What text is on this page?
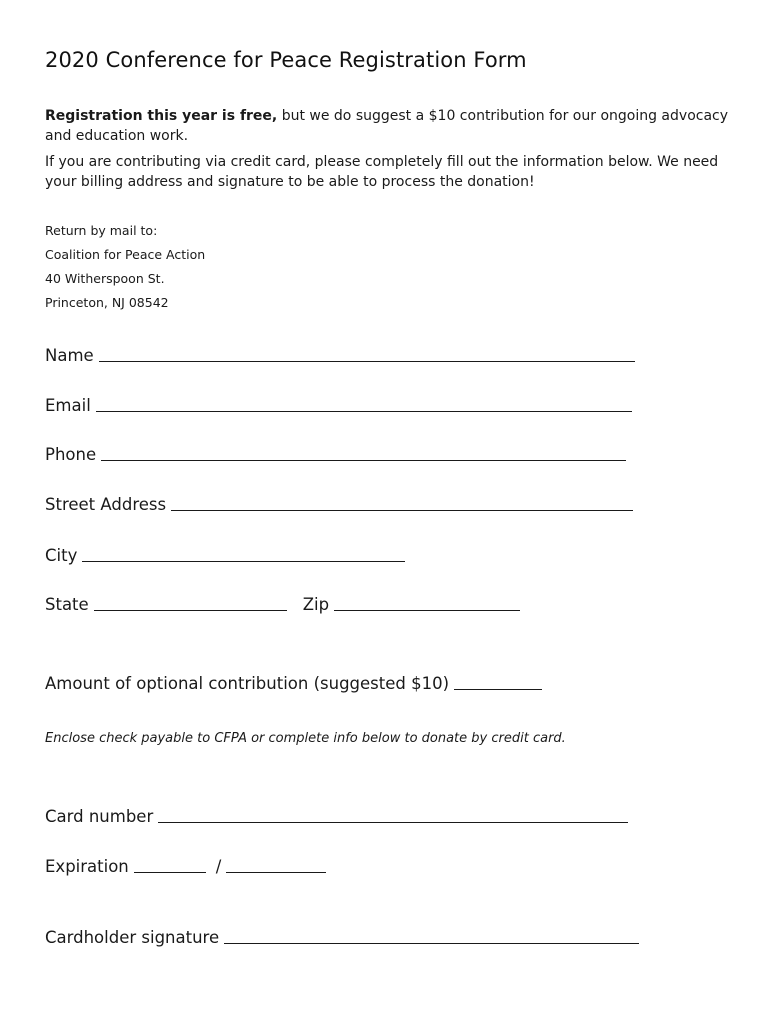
2020 Conference for Peace Registration Form
Registration this year is free, but we do suggest a $10 contribution for our ongoing advocacy and education work.
If you are contributing via credit card, please completely fill out the information below. We need your billing address and signature to be able to process the donation!
Return by mail to:
Coalition for Peace Action
40 Witherspoon St.
Princeton, NJ 08542
Name
Email
Phone
Street Address
City
State	Zip
Amount of optional contribution (suggested $10)
Enclose check payable to CFPA or complete info below to donate by credit card.
Card number
Expiration	/
Cardholder signature
